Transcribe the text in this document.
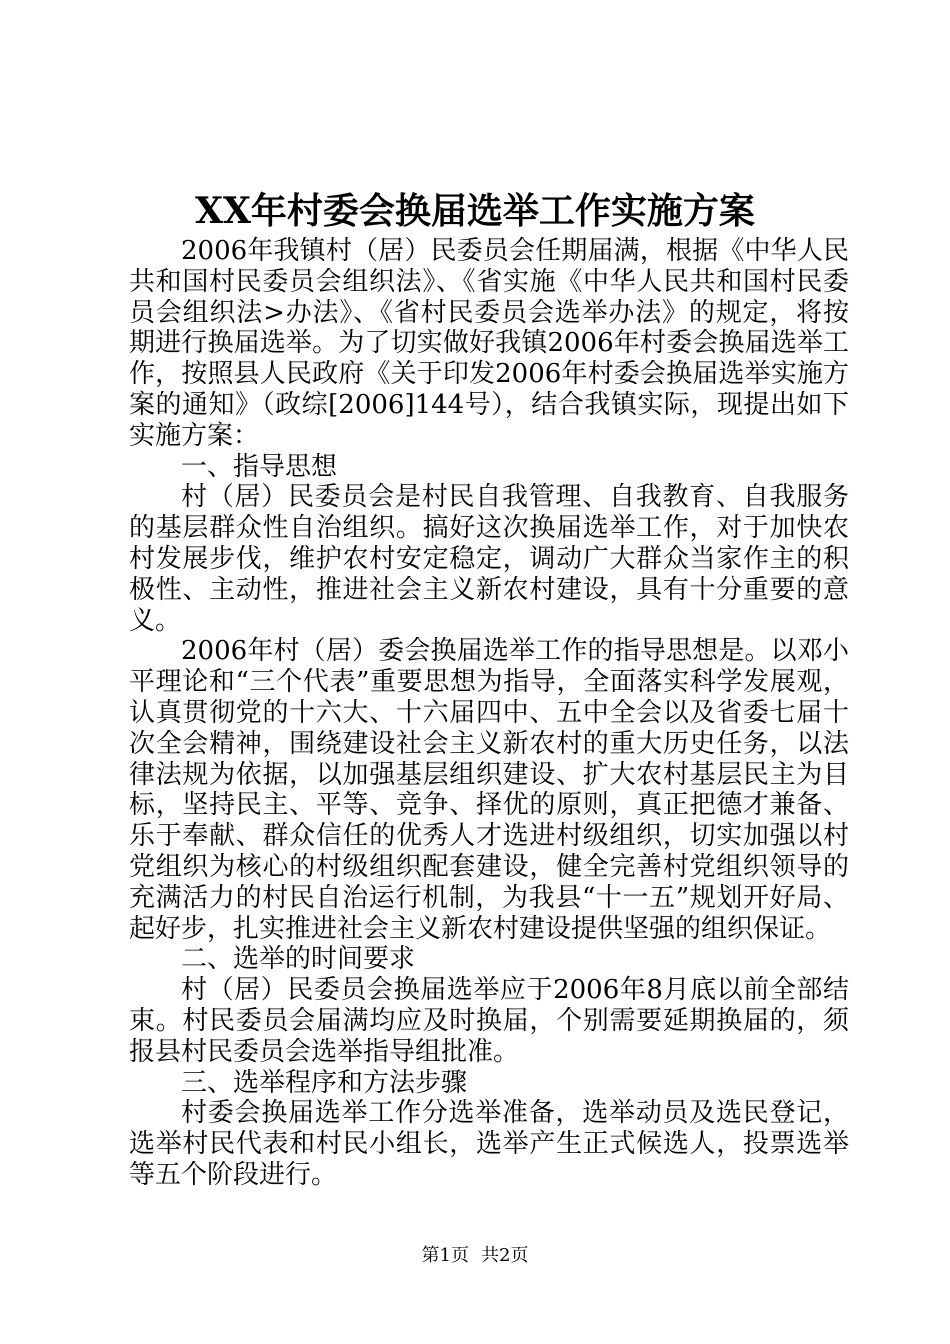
XX年村委会换届选举工作实施方案

2006年我镇村（居）民委员会任期届满，根据《中华人民共和国村民委员会组织法》、《省实施《中华人民共和国村民委员会组织法>办法》、《省村民委员会选举办法》的规定，将按期进行换届选举。为了切实做好我镇2006年村委会换届选举工作，按照县人民政府《关于印发2006年村委会换届选举实施方案的通知》（政综[2006]144号），结合我镇实际，现提出如下实施方案：

一、指导思想

村（居）民委员会是村民自我管理、自我教育、自我服务的基层群众性自治组织。搞好这次换届选举工作，对于加快农村发展步伐，维护农村安定稳定，调动广大群众当家作主的积极性、主动性，推进社会主义新农村建设，具有十分重要的意义。

2006年村（居）委会换届选举工作的指导思想是。以邓小平理论和“三个代表”重要思想为指导，全面落实科学发展观，认真贯彻党的十六大、十六届四中、五中全会以及省委七届十次全会精神，围绕建设社会主义新农村的重大历史任务，以法律法规为依据，以加强基层组织建设、扩大农村基层民主为目标，坚持民主、平等、竞争、择优的原则，真正把德才兼备、乐于奉献、群众信任的优秀人才选进村级组织，切实加强以村党组织为核心的村级组织配套建设，健全完善村党组织领导的充满活力的村民自治运行机制，为我县“十一五”规划开好局、起好步，扎实推进社会主义新农村建设提供坚强的组织保证。

二、选举的时间要求

村（居）民委员会换届选举应于2006年8月底以前全部结束。村民委员会届满均应及时换届，个别需要延期换届的，须报县村民委员会选举指导组批准。

三、选举程序和方法步骤

村委会换届选举工作分选举准备，选举动员及选民登记，选举村民代表和村民小组长，选举产生正式候选人，投票选举等五个阶段进行。

第1页 共2页
